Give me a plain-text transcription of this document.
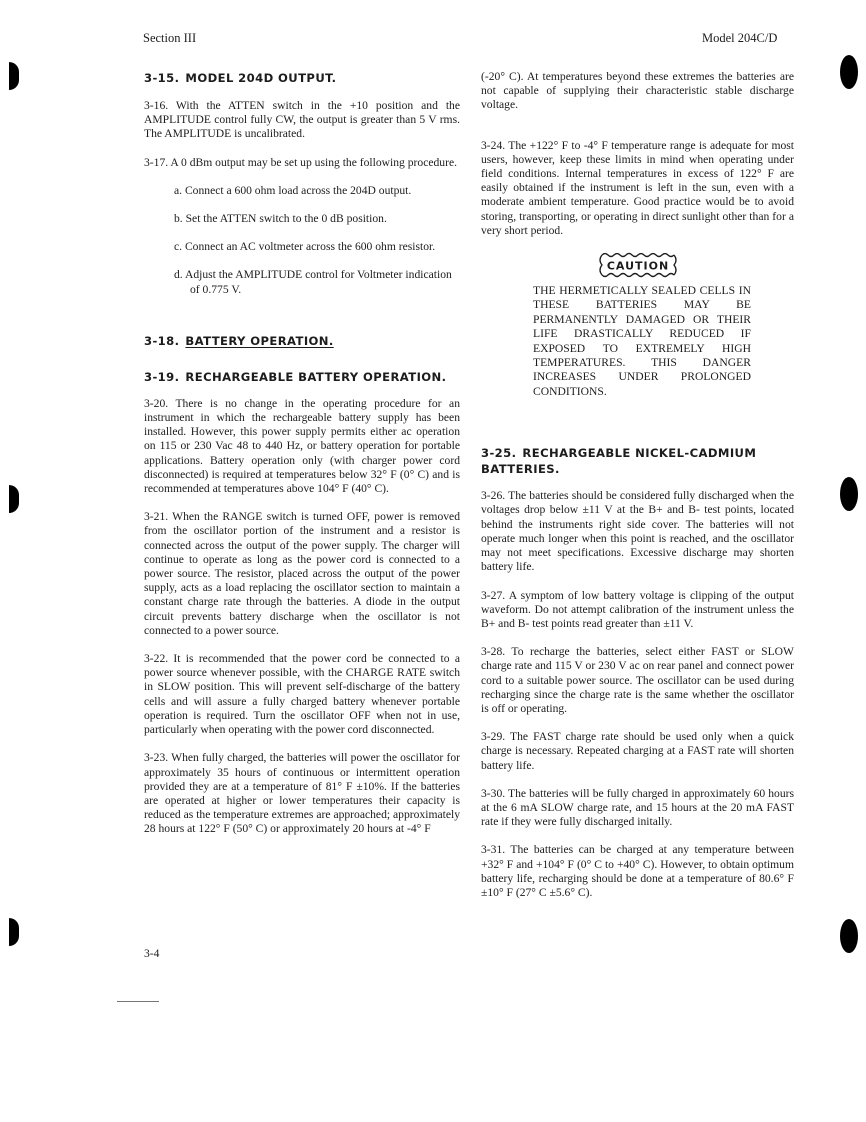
Section III	Model 204C/D
3-15. MODEL 204D OUTPUT.

3-16. With the ATTEN switch in the +10 position and the AMPLITUDE control fully CW, the output is greater than 5 V rms. The AMPLITUDE is uncalibrated.

3-17. A 0 dBm output may be set up using the following procedure.

a. Connect a 600 ohm load across the 204D output.
b. Set the ATTEN switch to the 0 dB position.
c. Connect an AC voltmeter across the 600 ohm resistor.
d. Adjust the AMPLITUDE control for Voltmeter indication of 0.775 V.
3-18. BATTERY OPERATION.
3-19. RECHARGEABLE BATTERY OPERATION.

3-20. There is no change in the operating procedure for an instrument in which the rechargeable battery supply has been installed. However, this power supply permits either ac operation on 115 or 230 Vac 48 to 440 Hz, or battery operation for portable applications. Battery operation only (with charger power cord disconnected) is required at temperatures below 32° F (0° C) and is recommended at temperatures above 104° F (40° C).

3-21. When the RANGE switch is turned OFF, power is removed from the oscillator portion of the instrument and a resistor is connected across the output of the power supply. The charger will continue to operate as long as the power cord is connected to a power source. The resistor, placed across the output of the power supply, acts as a load replacing the oscillator section to maintain a constant charge rate through the batteries. A diode in the output circuit prevents battery discharge when the oscillator is not connected to a power source.

3-22. It is recommended that the power cord be connected to a power source whenever possible, with the CHARGE RATE switch in SLOW position. This will prevent self-discharge of the battery cells and will assure a fully charged battery whenever portable operation is required. Turn the oscillator OFF when not in use, particularly when operating with the power cord disconnected.

3-23. When fully charged, the batteries will power the oscillator for approximately 35 hours of continuous or intermittent operation provided they are at a temperature of 81° F ±10%. If the batteries are operated at higher or lower temperatures their capacity is reduced as the temperature extremes are approached; approximately 28 hours at 122° F (50° C) or approximately 20 hours at -4° F

(-20° C). At temperatures beyond these extremes the batteries are not capable of supplying their characteristic stable discharge voltage.

3-24. The +122° F to -4° F temperature range is adequate for most users, however, keep these limits in mind when operating under field conditions. Internal temperatures in excess of 122° F are easily obtained if the instrument is left in the sun, even with a moderate ambient temperature. Good practice would be to avoid storing, transporting, or operating in direct sunlight other than for a very short period.

CAUTION

THE HERMETICALLY SEALED CELLS IN THESE BATTERIES MAY BE PERMANENTLY DAMAGED OR THEIR LIFE DRASTICALLY REDUCED IF EXPOSED TO EXTREMELY HIGH TEMPERATURES. THIS DANGER INCREASES UNDER PROLONGED CONDITIONS.

3-25. RECHARGEABLE NICKEL-CADMIUM BATTERIES.

3-26. The batteries should be considered fully discharged when the voltages drop below ±11 V at the B+ and B- test points, located behind the instruments right side cover. The batteries will not operate much longer when this point is reached, and the oscillator may not meet specifications. Excessive discharge may shorten battery life.

3-27. A symptom of low battery voltage is clipping of the output waveform. Do not attempt calibration of the instrument unless the B+ and B- test points read greater than ±11 V.

3-28. To recharge the batteries, select either FAST or SLOW charge rate and 115 V or 230 V ac on rear panel and connect power cord to a suitable power source. The oscillator can be used during recharging since the charge rate is the same whether the oscillator is off or operating.

3-29. The FAST charge rate should be used only when a quick charge is necessary. Repeated charging at a FAST rate will shorten battery life.

3-30. The batteries will be fully charged in approximately 60 hours at the 6 mA SLOW charge rate, and 15 hours at the 20 mA FAST rate if they were fully discharged initally.

3-31. The batteries can be charged at any temperature between +32° F and +104° F (0° C to +40° C). However, to obtain optimum battery life, recharging should be done at a temperature of 80.6° F ±10° F (27° C ±5.6° C).

3-4
